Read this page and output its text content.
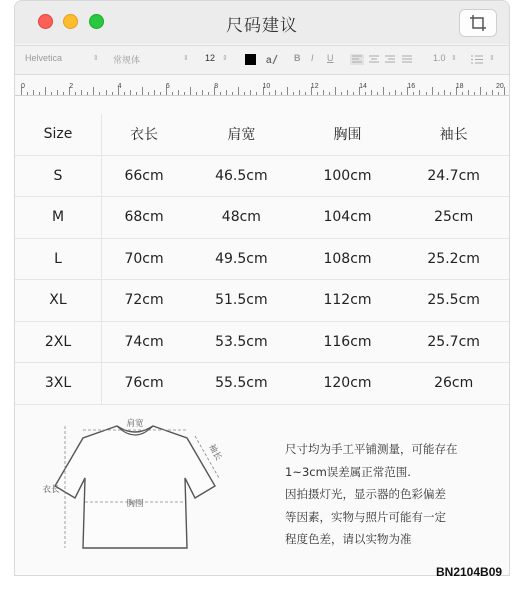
尺码建议
Helvetica	⇕ 常规体	⇕ 12 ⇕	a B I U	1.0 ⇕	⇕
0	2	4	6	8	10	12	14	16	18	20
Size	衣长	肩宽	胸围	袖长
S	66cm	46.5cm	100cm	24.7cm
M	68cm	48cm	104cm	25cm
L	70cm	49.5cm	108cm	25.2cm
XL	72cm	51.5cm	112cm	25.5cm
2XL	74cm	53.5cm	116cm	25.7cm
3XL	76cm	55.5cm	120cm	26cm
肩宽
胸围
衣长
袖长	尺寸均为手工平铺测量，可能存在

1~3cm误差属正常范围.

因拍摄灯光，显示器的色彩偏差

等因素，实物与照片可能有一定

程度色差，请以实物为准

BN2104B09
